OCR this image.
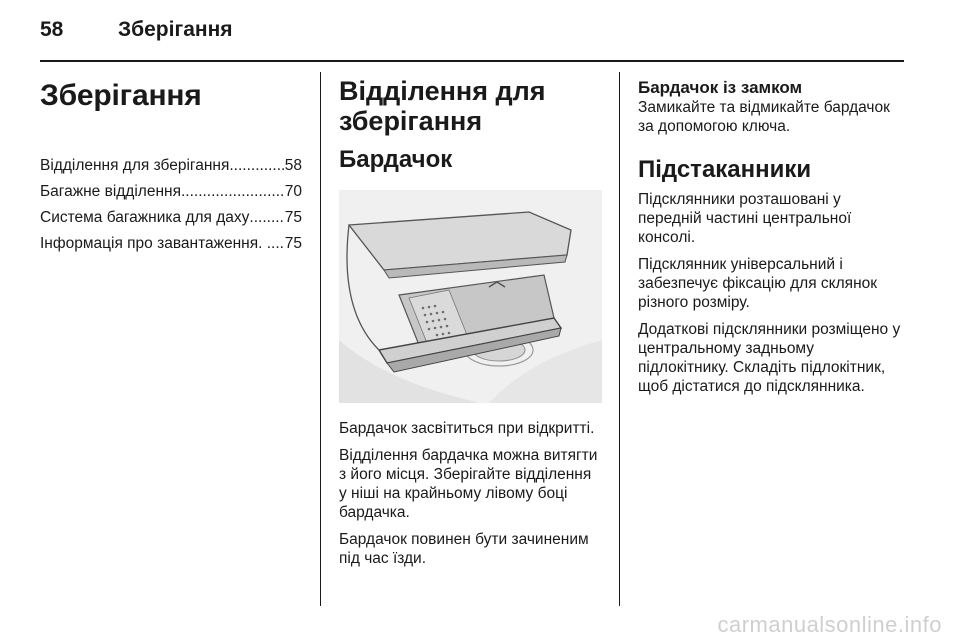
58	Зберігання
Зберігання
Відділення для зберігання ......... .....	58
Багажне відділення .................... .....	70
Система багажника для даху .... .....	75
Інформація про завантаження . . ..... 75
Відділення для зберігання
Бардачок

Бардачок засвітиться при відкритті.

Відділення бардачка можна витягти з його місця. Зберігайте відділення у ніші на крайньому лівому боці бардачка.

Бардачок повинен бути зачиненим під час їзди.

Бардачок із замком

Замикайте та відмикайте бардачок за допомогою ключа.

Підстаканники

Підсклянники розташовані у передній частині центральної консолі.

Підсклянник універсальний і забезпечує фіксацію для склянок різного розміру.

Додаткові підсклянники розміщено у центральному задньому підлокітнику. Складіть підлокітник, щоб дістатися до підсклянника.

carmanualsonline.info
